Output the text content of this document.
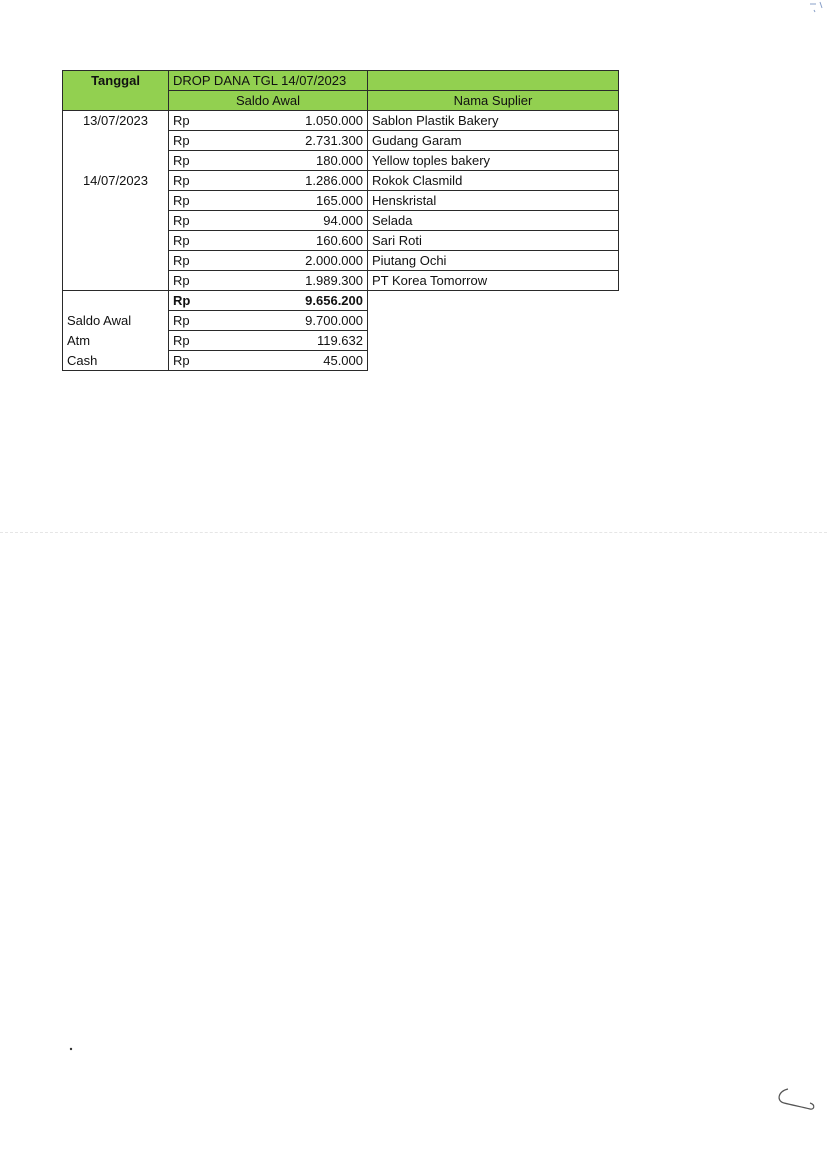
Tanggal	DROP DANA TGL 14/07/2023		
	Saldo Awal		Nama Suplier
13/07/2023	Rp	1.050.000	Sablon Plastik Bakery
	Rp	2.731.300	Gudang Garam
	Rp	180.000	Yellow toples bakery
14/07/2023	Rp	1.286.000	Rokok Clasmild
	Rp	165.000	Henskristal
	Rp	94.000	Selada
	Rp	160.600	Sari Roti
	Rp	2.000.000	Piutang Ochi
	Rp	1.989.300	PT Korea Tomorrow
	Rp	9.656.200	
Saldo Awal	Rp	9.700.000	
Atm	Rp	119.632	
Cash	Rp	45.000	
